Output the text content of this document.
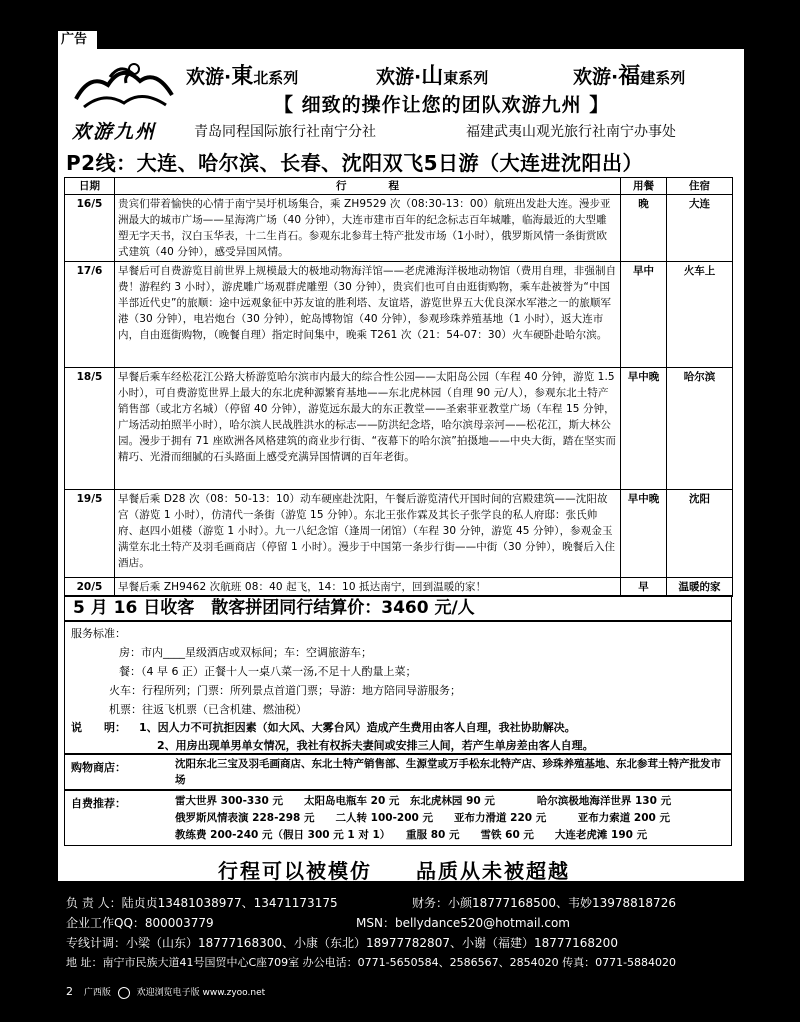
广告
欢游九州
欢游·東北系列	欢游·山東系列	欢游·福建系列
【 细致的操作让您的团队欢游九州 】
青岛同程国际旅行社南宁分社	福建武夷山观光旅行社南宁办事处
P2线：大连、哈尔滨、长春、沈阳双飞5日游（大连进沈阳出）
日期	行　　　　程	用餐	住宿
16/5	贵宾们带着愉快的心情于南宁吴圩机场集合，乘 ZH9529 次（08:30-13：00）航班出发赴大连。漫步亚洲最大的城市广场——星海湾广场（40 分钟），大连市建市百年的纪念标志百年城雕，临海最近的大型雕塑无字天书，汉白玉华表，十二生肖石。参观东北参茸土特产批发市场（1小时），俄罗斯风情一条街赏欧式建筑（40 分钟），感受异国风情。	晚	大连
17/6	早餐后可自费游览目前世界上规模最大的极地动物海洋馆——老虎滩海洋极地动物馆（费用自理，非强制自费！游程约 3 小时），游虎雕广场观群虎雕塑（30 分钟），贵宾们也可自由逛街购物，乘车赴被誉为“中国半部近代史”的旅顺：途中远观象征中苏友谊的胜利塔、友谊塔，游览世界五大优良深水军港之一的旅顺军港（30 分钟），电岩炮台（30 分钟），蛇岛博物馆（40 分钟），参观珍珠养殖基地（1 小时），返大连市内，自由逛街购物，（晚餐自理）指定时间集中，晚乘 T261 次（21：54-07：30）火车硬卧赴哈尔滨。	早中	火车上
18/5	早餐后乘车经松花江公路大桥游览哈尔滨市内最大的综合性公园——太阳岛公园（车程 40 分钟，游览 1.5 小时），可自费游览世界上最大的东北虎种源繁育基地——东北虎林园（自理 90 元/人），参观东北土特产销售部（或北方名城）（停留 40 分钟），游览远东最大的东正教堂——圣索菲亚教堂广场（车程 15 分钟，广场活动拍照半小时），哈尔滨人民战胜洪水的标志——防洪纪念塔，哈尔滨母亲河——松花江，斯大林公园。漫步于拥有 71 座欧洲各风格建筑的商业步行街、“夜幕下的哈尔滨”拍摄地——中央大街，踏在坚实而精巧、光滑而细腻的石头路面上感受充满异国情调的百年老街。	早中晚	哈尔滨
19/5	早餐后乘 D28 次（08：50-13：10）动车硬座赴沈阳，午餐后游览清代开国时间的宫殿建筑——沈阳故宫（游览 1 小时），仿清代一条街（游览 15 分钟）。东北王张作霖及其长子张学良的私人府邸：张氏帅府、赵四小姐楼（游览 1 小时）。九一八纪念馆（逢周一闭馆）（车程 30 分钟，游览 45 分钟），参观金玉满堂东北土特产及羽毛画商店（停留 1 小时）。漫步于中国第一条步行街——中街（30 分钟），晚餐后入住酒店。	早中晚	沈阳
20/5	早餐后乘 ZH9462 次航班 08：40 起飞，14：10 抵达南宁，回到温暖的家！	早	温暖的家
5 月 16 日收客　散客拼团同行结算价：3460 元/人
服务标准：
房：市内____星级酒店或双标间；车：空调旅游车；
餐：（4 早 6 正）正餐十人一桌八菜一汤,不足十人酌量上菜；
火车：行程所列；门票：所列景点首道门票；导游：地方陪同导游服务；
机票：往返飞机票（已含机建、燃油税）
说　　明： 1、因人力不可抗拒因素（如大风、大雾台风）造成产生费用由客人自理，我社协助解决。
2、用房出现单男单女情况，我社有权拆夫妻间或安排三人间，若产生单房差由客人自理。
购物商店：	沈阳东北三宝及羽毛画商店、东北土特产销售部、生源堂或万手松东北特产店、珍珠养殖基地、东北参茸土特产批发市场
自费推荐：	雷大世界 300-330 元　　太阳岛电瓶车 20 元　东北虎林园 90 元　　　　哈尔滨极地海洋世界 130 元
俄罗斯风情表演 228-298 元　　二人转 100-200 元　　亚布力滑道 220 元　　　亚布力索道 200 元
教练费 200-240 元（假日 300 元 1 对 1）　　重服 80 元　　雪铁 60 元　　大连老虎滩 190 元
行程可以被模仿　　品质从未被超越
负 责 人：陆贞贞13481038977、13471173175	财务：小颜18777168500、韦妙13978818726
企业工作QQ：800003779	MSN：bellydance520@hotmail.com
专线计调：小梁（山东）18777168300、小康（东北）18977782807、小谢（福建）18777168200
地 址：南宁市民族大道41号国贸中心C座709室 办公电话：0771-5650584、2586567、2854020 传真：0771-5884020
2 广西版	欢迎浏览电子版 www.zyoo.net
